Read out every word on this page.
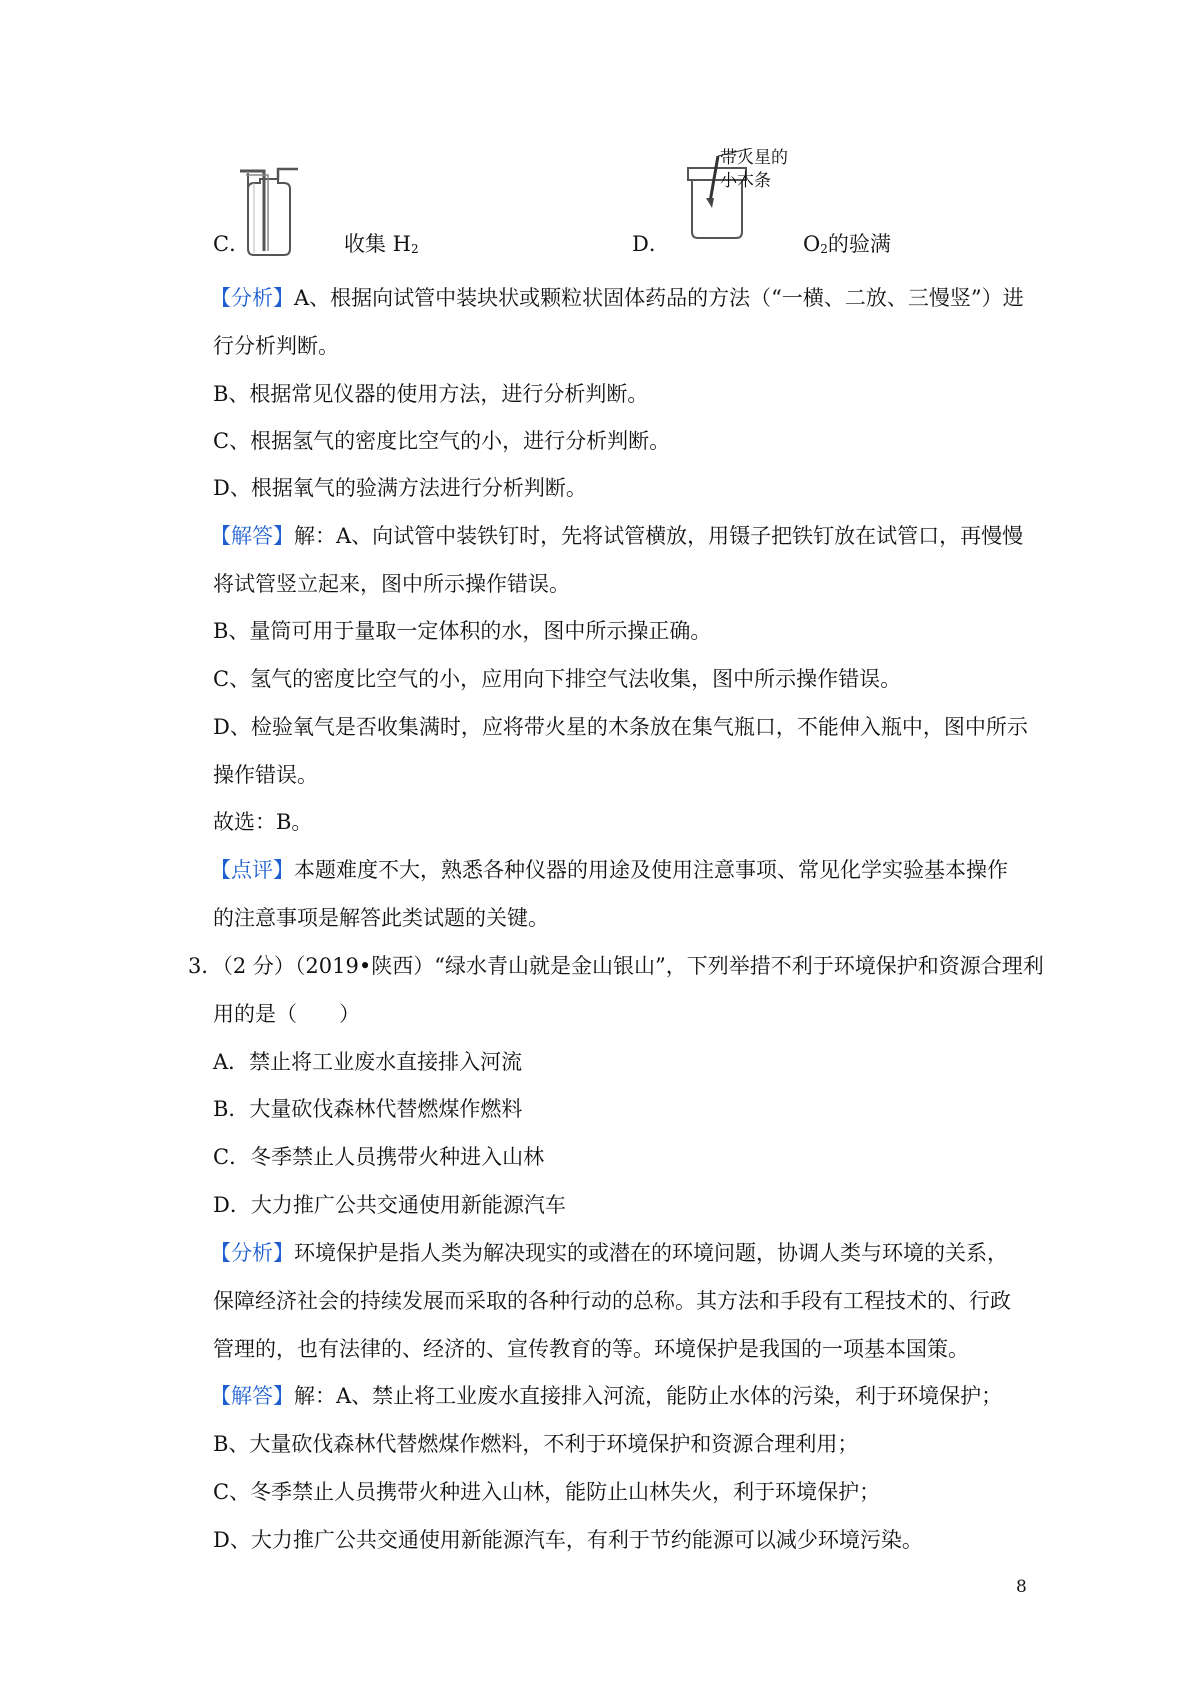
带火星的
小木条
C．	收集 $H_2$	D．	$O_2$的验满
【分析】A、根据向试管中装块状或颗粒状固体药品的方法（“一横、二放、三慢竖”）进
行分析判断。
B、根据常见仪器的使用方法，进行分析判断。
C、根据氢气的密度比空气的小，进行分析判断。
D、根据氧气的验满方法进行分析判断。
【解答】解：A、向试管中装铁钉时，先将试管横放，用镊子把铁钉放在试管口，再慢慢
将试管竖立起来，图中所示操作错误。
B、量筒可用于量取一定体积的水，图中所示操正确。
C、氢气的密度比空气的小，应用向下排空气法收集，图中所示操作错误。
D、检验氧气是否收集满时，应将带火星的木条放在集气瓶口，不能伸入瓶中，图中所示
操作错误。
故选：B。
【点评】本题难度不大，熟悉各种仪器的用途及使用注意事项、常见化学实验基本操作
的注意事项是解答此类试题的关键。
3．（2 分）（2019•陕西）“绿水青山就是金山银山”，下列举措不利于环境保护和资源合理利
用的是（　　）
A．禁止将工业废水直接排入河流
B．大量砍伐森林代替燃煤作燃料
C．冬季禁止人员携带火种进入山林
D．大力推广公共交通使用新能源汽车
【分析】环境保护是指人类为解决现实的或潜在的环境问题，协调人类与环境的关系，
保障经济社会的持续发展而采取的各种行动的总称。其方法和手段有工程技术的、行政
管理的，也有法律的、经济的、宣传教育的等。环境保护是我国的一项基本国策。
【解答】解：A、禁止将工业废水直接排入河流，能防止水体的污染，利于环境保护；
B、大量砍伐森林代替燃煤作燃料，不利于环境保护和资源合理利用；
C、冬季禁止人员携带火种进入山林，能防止山林失火，利于环境保护；
D、大力推广公共交通使用新能源汽车，有利于节约能源可以减少环境污染。
8
